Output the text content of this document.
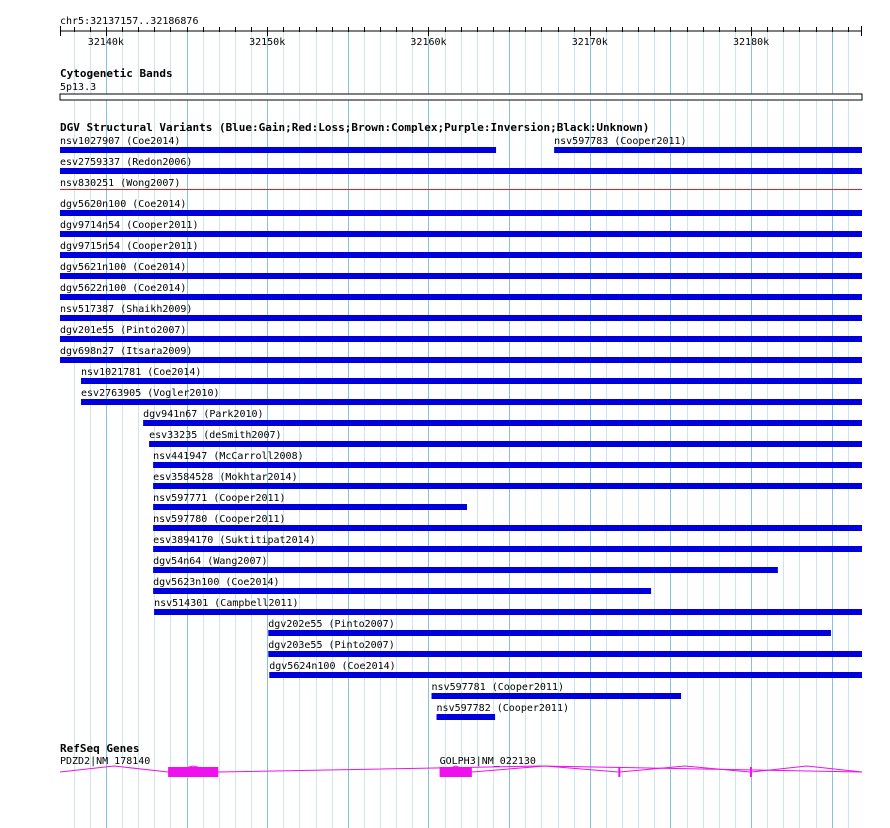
chr5:32137157..32186876
32140k	32150k	32160k	32170k	32180k
Cytogenetic Bands
5p13.3
DGV Structural Variants (Blue:Gain;Red:Loss;Brown:Complex;Purple:Inversion;Black:Unknown)
nsv1027907 (Coe2014)	nsv597783 (Cooper2011)
esv2759337 (Redon2006)
nsv830251 (Wong2007)
dgv5620n100 (Coe2014)
dgv9714n54 (Cooper2011)
dgv9715n54 (Cooper2011)
dgv5621n100 (Coe2014)
dgv5622n100 (Coe2014)
nsv517387 (Shaikh2009)
dgv201e55 (Pinto2007)
dgv698n27 (Itsara2009)
nsv1021781 (Coe2014)
esv2763905 (Vogler2010)
dgv941n67 (Park2010)
esv33235 (deSmith2007)
nsv441947 (McCarroll2008)
esv3584528 (Mokhtar2014)
nsv597771 (Cooper2011)
nsv597780 (Cooper2011)
esv3894170 (Suktitipat2014)
dgv54n64 (Wang2007)
dgv5623n100 (Coe2014)
nsv514301 (Campbell2011)
dgv202e55 (Pinto2007)
dgv203e55 (Pinto2007)
dgv5624n100 (Coe2014)
nsv597781 (Cooper2011)
nsv597782 (Cooper2011)
RefSeq Genes
PDZD2|NM_178140	GOLPH3|NM_022130
